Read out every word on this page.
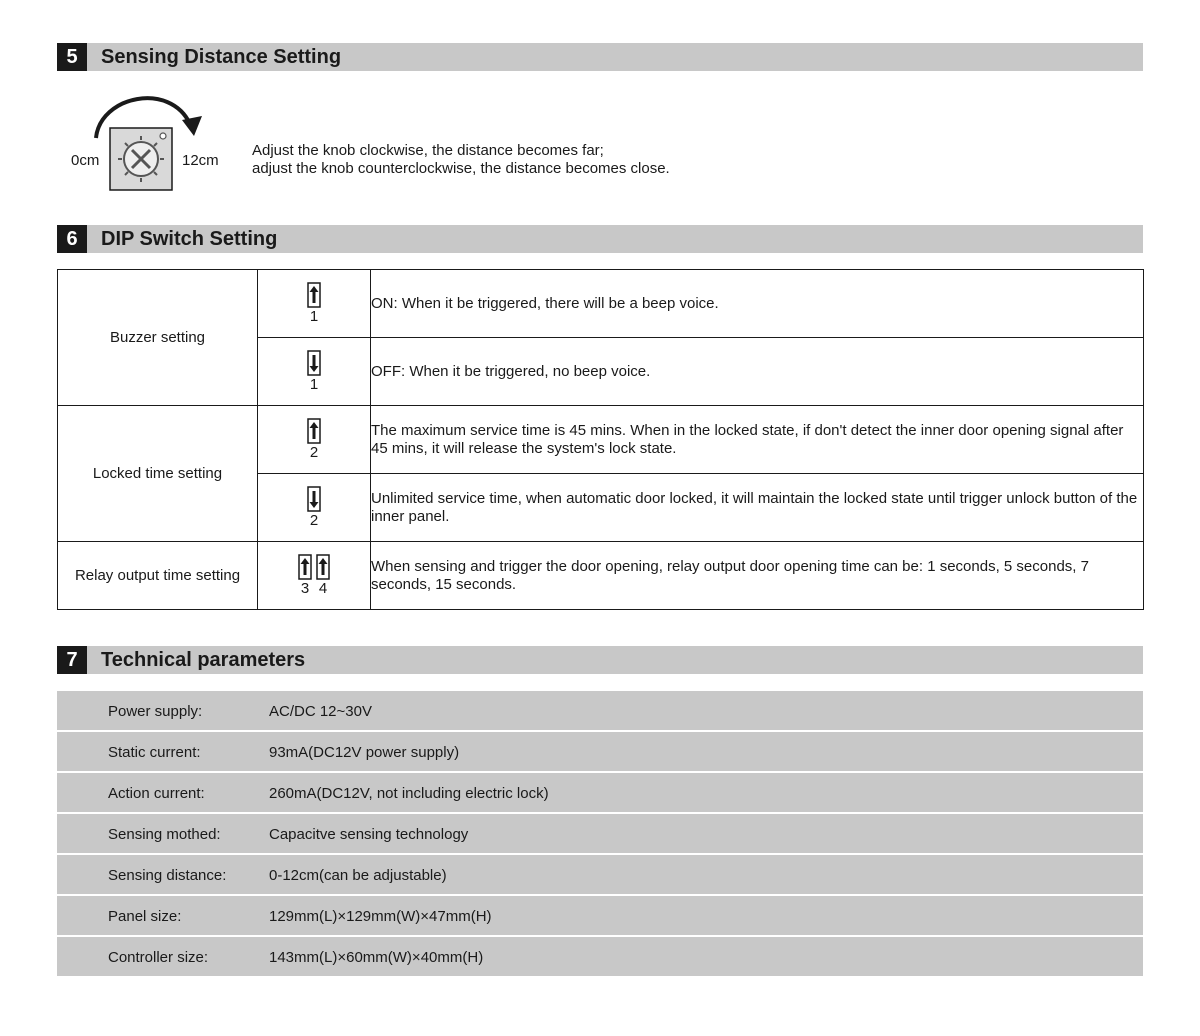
5	Sensing Distance Setting
0cm	12cm
Adjust the knob clockwise, the distance becomes far;
adjust the knob counterclockwise, the distance becomes close.
6	DIP Switch Setting
Buzzer setting	1	ON: When it be triggered, there will be a beep voice.

	1	OFF: When it be triggered, no beep voice.

Locked time setting	2	The maximum service time is 45 mins. When in the locked state, if don't detect the inner door opening signal after 45 mins, it will release the system's lock state.

	2	Unlimited service time, when automatic door locked, it will maintain the locked state until trigger unlock button of the inner panel.

Relay output time setting	3 4	When sensing and trigger the door opening, relay output door opening time can be: 1 seconds, 5 seconds, 7 seconds, 15 seconds.
7	Technical parameters
Power supply:	AC/DC 12~30V
Static current:	93mA(DC12V power supply)
Action current:	260mA(DC12V, not including electric lock)
Sensing mothed:	Capacitve sensing technology
Sensing distance:	0-12cm(can be adjustable)
Panel size:	129mm(L)×129mm(W)×47mm(H)
Controller size:	143mm(L)×60mm(W)×40mm(H)
